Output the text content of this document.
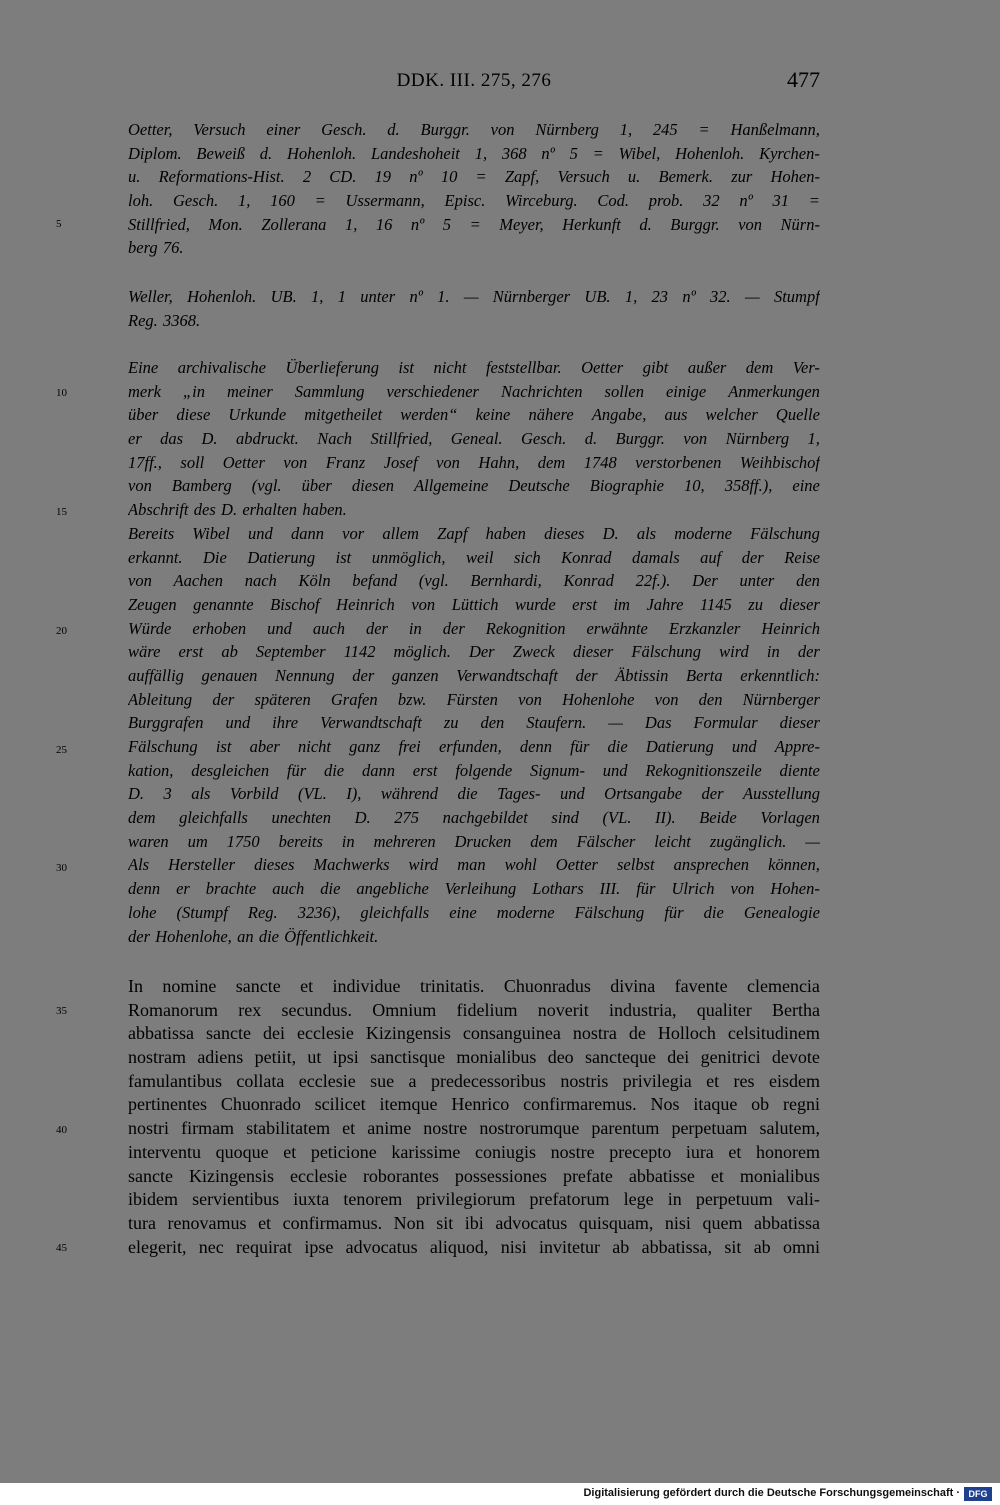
DDK. III. 275, 276	477
Oetter, Versuch einer Gesch. d. Burggr. von Nürnberg 1, 245 = Hanßelmann,
Diplom. Beweiß d. Hohenloh. Landeshoheit 1, 368 nº 5 = Wibel, Hohenloh. Kyrchen-
u. Reformations-Hist. 2 CD. 19 nº 10 = Zapf, Versuch u. Bemerk. zur Hohen-
loh. Gesch. 1, 160 = Ussermann, Episc. Wirceburg. Cod. prob. 32 nº 31 =
Stillfried, Mon. Zollerana 1, 16 nº 5 = Meyer, Herkunft d. Burggr. von Nürn-
berg 76.
Weller, Hohenloh. UB. 1, 1 unter nº 1. — Nürnberger UB. 1, 23 nº 32. — Stumpf
Reg. 3368.
Eine archivalische Überlieferung ist nicht feststellbar. Oetter gibt außer dem Ver-
merk „in meiner Sammlung verschiedener Nachrichten sollen einige Anmerkungen
über diese Urkunde mitgetheilet werden“ keine nähere Angabe, aus welcher Quelle
er das D. abdruckt. Nach Stillfried, Geneal. Gesch. d. Burggr. von Nürnberg 1,
17ff., soll Oetter von Franz Josef von Hahn, dem 1748 verstorbenen Weihbischof
von Bamberg (vgl. über diesen Allgemeine Deutsche Biographie 10, 358ff.), eine
Abschrift des D. erhalten haben.
Bereits Wibel und dann vor allem Zapf haben dieses D. als moderne Fälschung
erkannt. Die Datierung ist unmöglich, weil sich Konrad damals auf der Reise
von Aachen nach Köln befand (vgl. Bernhardi, Konrad 22f.). Der unter den
Zeugen genannte Bischof Heinrich von Lüttich wurde erst im Jahre 1145 zu dieser
Würde erhoben und auch der in der Rekognition erwähnte Erzkanzler Heinrich
wäre erst ab September 1142 möglich. Der Zweck dieser Fälschung wird in der
auffällig genauen Nennung der ganzen Verwandtschaft der Äbtissin Berta erkenntlich:
Ableitung der späteren Grafen bzw. Fürsten von Hohenlohe von den Nürnberger
Burggrafen und ihre Verwandtschaft zu den Staufern. — Das Formular dieser
Fälschung ist aber nicht ganz frei erfunden, denn für die Datierung und Appre-
kation, desgleichen für die dann erst folgende Signum- und Rekognitionszeile diente
D. 3 als Vorbild (VL. I), während die Tages- und Ortsangabe der Ausstellung
dem gleichfalls unechten D. 275 nachgebildet sind (VL. II). Beide Vorlagen
waren um 1750 bereits in mehreren Drucken dem Fälscher leicht zugänglich. —
Als Hersteller dieses Machwerks wird man wohl Oetter selbst ansprechen können,
denn er brachte auch die angebliche Verleihung Lothars III. für Ulrich von Hohen-
lohe (Stumpf Reg. 3236), gleichfalls eine moderne Fälschung für die Genealogie
der Hohenlohe, an die Öffentlichkeit.
In nomine sancte et individue trinitatis. Chuonradus divina favente clemencia
Romanorum rex secundus. Omnium fidelium noverit industria, qualiter Bertha
abbatissa sancte dei ecclesie Kizingensis consanguinea nostra de Holloch celsitudinem
nostram adiens petiit, ut ipsi sanctisque monialibus deo sancteque dei genitrici devote
famulantibus collata ecclesie sue a predecessoribus nostris privilegia et res eisdem
pertinentes Chuonrado scilicet itemque Henrico confirmaremus. Nos itaque ob regni
nostri firmam stabilitatem et anime nostre nostrorumque parentum perpetuam salutem,
interventu quoque et peticione karissime coniugis nostre precepto iura et honorem
sancte Kizingensis ecclesie roborantes possessiones prefate abbatisse et monialibus
ibidem servientibus iuxta tenorem privilegiorum prefatorum lege in perpetuum vali-
tura renovamus et confirmamus. Non sit ibi advocatus quisquam, nisi quem abbatissa
elegerit, nec requirat ipse advocatus aliquod, nisi invitetur ab abbatissa, sit ab omni
5
10
15
20
25
30
35
40
45
Digitalisierung gefördert durch die Deutsche Forschungsgemeinschaft · DFG
